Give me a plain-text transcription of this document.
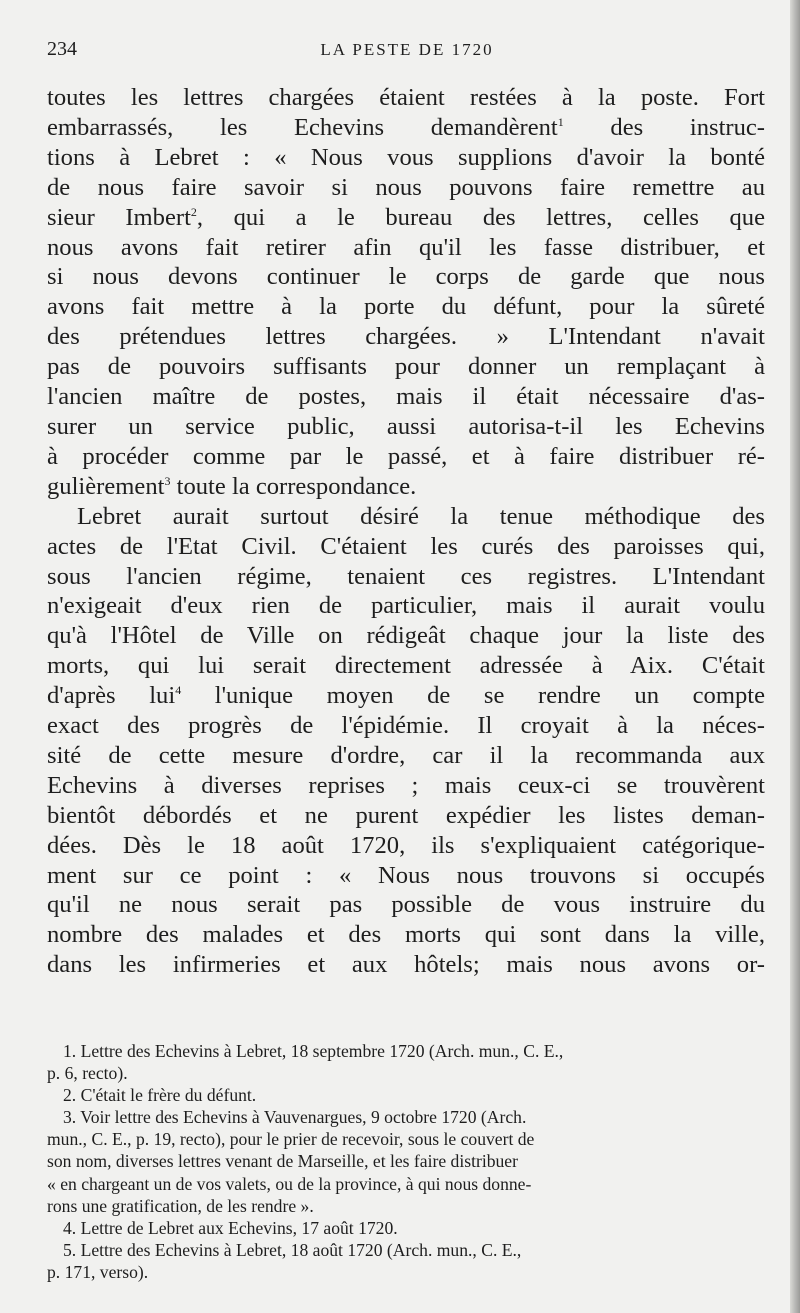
234	LA PESTE DE 1720

toutes les lettres chargées étaient restées à la poste. Fort
embarrassés, les Echevins demandèrent$^1$ des instruc-
tions à Lebret : « Nous vous supplions d'avoir la bonté
de nous faire savoir si nous pouvons faire remettre au
sieur Imbert$^2$, qui a le bureau des lettres, celles que
nous avons fait retirer afin qu'il les fasse distribuer, et
si nous devons continuer le corps de garde que nous
avons fait mettre à la porte du défunt, pour la sûreté
des prétendues lettres chargées. » L'Intendant n'avait
pas de pouvoirs suffisants pour donner un remplaçant à
l'ancien maître de postes, mais il était nécessaire d'as-
surer un service public, aussi autorisa-t-il les Echevins
à procéder comme par le passé, et à faire distribuer ré-
gulièrement$^3$ toute la correspondance.

Lebret aurait surtout désiré la tenue méthodique des

actes de l'Etat Civil. C'étaient les curés des paroisses qui,
sous l'ancien régime, tenaient ces registres. L'Intendant
n'exigeait d'eux rien de particulier, mais il aurait voulu
qu'à l'Hôtel de Ville on rédigeât chaque jour la liste des
morts, qui lui serait directement adressée à Aix. C'était
d'après lui$^4$ l'unique moyen de se rendre un compte
exact des progrès de l'épidémie. Il croyait à la néces-
sité de cette mesure d'ordre, car il la recommanda aux
Echevins à diverses reprises ; mais ceux-ci se trouvèrent
bientôt débordés et ne purent expédier les listes deman-
dées. Dès le 18 août 1720, ils s'expliquaient catégorique-
ment sur ce point : « Nous nous trouvons si occupés
qu'il ne nous serait pas possible de vous instruire du
nombre des malades et des morts qui sont dans la ville,
dans les infirmeries et aux hôtels; mais nous avons or-

1. Lettre des Echevins à Lebret, 18 septembre 1720 (Arch. mun., C. E.,
p. 6, recto).
2. C'était le frère du défunt.
3. Voir lettre des Echevins à Vauvenargues, 9 octobre 1720 (Arch.
mun., C. E., p. 19, recto), pour le prier de recevoir, sous le couvert de
son nom, diverses lettres venant de Marseille, et les faire distribuer
« en chargeant un de vos valets, ou de la province, à qui nous donne-
rons une gratification, de les rendre ».
4. Lettre de Lebret aux Echevins, 17 août 1720.
5. Lettre des Echevins à Lebret, 18 août 1720 (Arch. mun., C. E.,
p. 171, verso).
